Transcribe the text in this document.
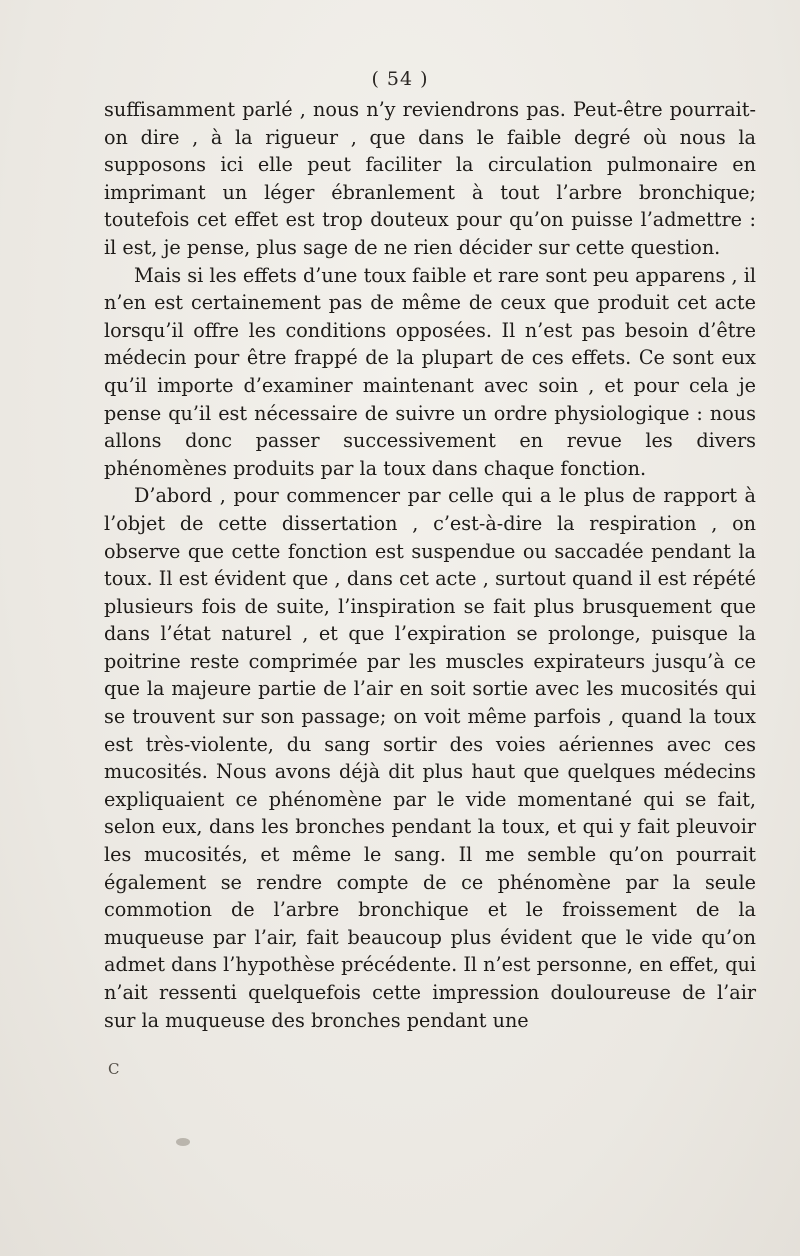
( 54 )

suffisamment parlé , nous n’y reviendrons pas. Peut-être pourrait-on dire , à la rigueur , que dans le faible degré où nous la supposons ici elle peut faciliter la circulation pulmonaire en imprimant un léger ébranlement à tout l’arbre bronchique; toutefois cet effet est trop douteux pour qu’on puisse l’admettre : il est, je pense, plus sage de ne rien décider sur cette question.

Mais si les effets d’une toux faible et rare sont peu apparens , il n’en est certainement pas de même de ceux que produit cet acte lorsqu’il offre les conditions opposées. Il n’est pas besoin d’être médecin pour être frappé de la plupart de ces effets. Ce sont eux qu’il importe d’examiner maintenant avec soin , et pour cela je pense qu’il est nécessaire de suivre un ordre physiologique : nous allons donc passer successivement en revue les divers phénomènes produits par la toux dans chaque fonction.

D’abord , pour commencer par celle qui a le plus de rapport à l’objet de cette dissertation , c’est-à-dire la respiration , on observe que cette fonction est suspendue ou saccadée pendant la toux. Il est évident que , dans cet acte , surtout quand il est répété plusieurs fois de suite, l’inspiration se fait plus brusquement que dans l’état naturel , et que l’expiration se prolonge, puisque la poitrine reste comprimée par les muscles expirateurs jusqu’à ce que la majeure partie de l’air en soit sortie avec les mucosités qui se trouvent sur son passage; on voit même parfois , quand la toux est très-violente, du sang sortir des voies aériennes avec ces mucosités. Nous avons déjà dit plus haut que quelques médecins expliquaient ce phénomène par le vide momentané qui se fait, selon eux, dans les bronches pendant la toux, et qui y fait pleuvoir les mucosités, et même le sang. Il me semble qu’on pourrait également se rendre compte de ce phénomène par la seule commotion de l’arbre bronchique et le froissement de la muqueuse par l’air, fait beaucoup plus évident que le vide qu’on admet dans l’hypothèse précédente. Il n’est personne, en effet, qui n’ait ressenti quelquefois cette impression douloureuse de l’air sur la muqueuse des bronches pendant une

C
